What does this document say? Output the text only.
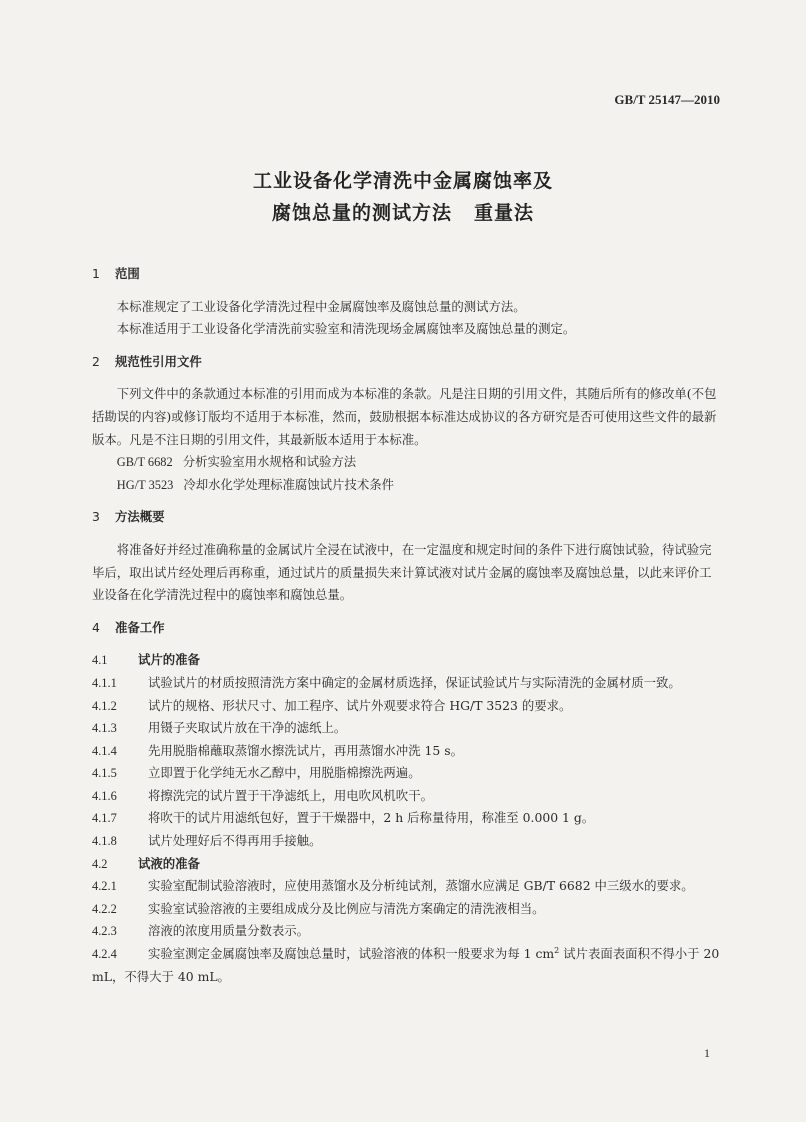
GB/T 25147—2010
工业设备化学清洗中金属腐蚀率及
腐蚀总量的测试方法 重量法
1 范围

本标准规定了工业设备化学清洗过程中金属腐蚀率及腐蚀总量的测试方法。

本标准适用于工业设备化学清洗前实验室和清洗现场金属腐蚀率及腐蚀总量的测定。

2 规范性引用文件

下列文件中的条款通过本标准的引用而成为本标准的条款。凡是注日期的引用文件，其随后所有的修改单(不包括勘误的内容)或修订版均不适用于本标准，然而，鼓励根据本标准达成协议的各方研究是否可使用这些文件的最新版本。凡是不注日期的引用文件，其最新版本适用于本标准。

GB/T 6682 分析实验室用水规格和试验方法

HG/T 3523 冷却水化学处理标准腐蚀试片技术条件

3 方法概要

将准备好并经过准确称量的金属试片全浸在试液中，在一定温度和规定时间的条件下进行腐蚀试验，待试验完毕后，取出试片经处理后再称重，通过试片的质量损失来计算试液对试片金属的腐蚀率及腐蚀总量，以此来评价工业设备在化学清洗过程中的腐蚀率和腐蚀总量。

4 准备工作
4.1 试片的准备

4.1.1	试验试片的材质按照清洗方案中确定的金属材质选择，保证试验试片与实际清洗的金属材质一致。

4.1.2	试片的规格、形状尺寸、加工程序、试片外观要求符合 HG/T 3523 的要求。

4.1.3	用镊子夹取试片放在干净的滤纸上。

4.1.4	先用脱脂棉蘸取蒸馏水擦洗试片，再用蒸馏水冲洗 15 s。

4.1.5	立即置于化学纯无水乙醇中，用脱脂棉擦洗两遍。

4.1.6	将擦洗完的试片置于干净滤纸上，用电吹风机吹干。

4.1.7	将吹干的试片用滤纸包好，置于干燥器中，2 h 后称量待用，称准至 0.000 1 g。

4.1.8	试片处理好后不得再用手接触。

4.2 试液的准备

4.2.1	实验室配制试验溶液时，应使用蒸馏水及分析纯试剂，蒸馏水应满足 GB/T 6682 中三级水的要求。

4.2.2	实验室试验溶液的主要组成成分及比例应与清洗方案确定的清洗液相当。

4.2.3	溶液的浓度用质量分数表示。

4.2.4	实验室测定金属腐蚀率及腐蚀总量时，试验溶液的体积一般要求为每 1 $cm^2$ 试片表面表面积不得小于 20 mL，不得大于 40 mL。

1
